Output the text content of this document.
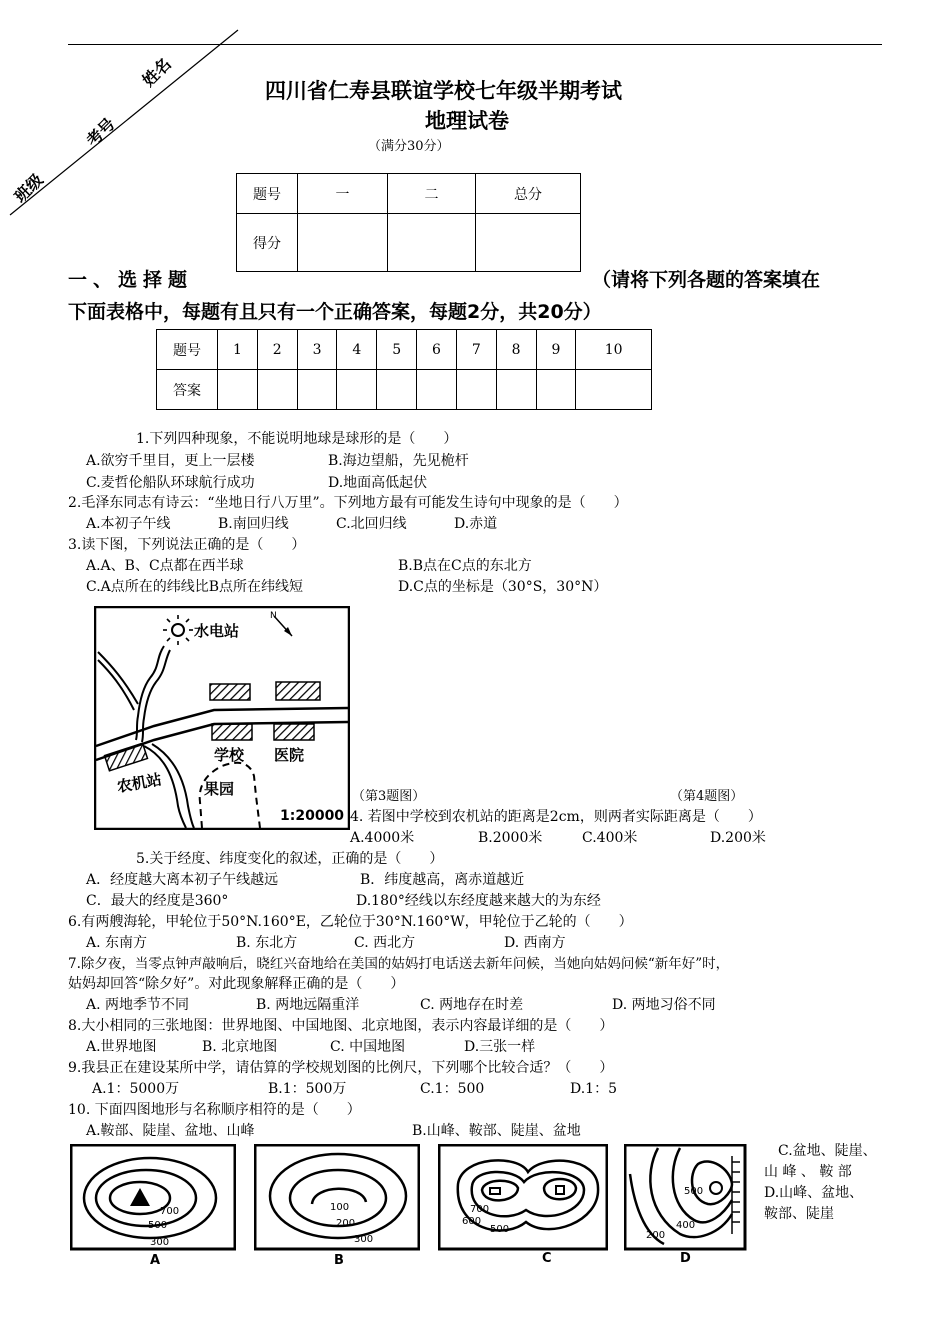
姓名
考号
班级
四川省仁寿县联谊学校七年级半期考试
地理试卷
（满分30分）
题号	一	二	总分
得分			
一、选择题	（请将下列各题的答案填在
下面表格中，每题有且只有一个正确答案，每题2分，共20分）
题号	1	2	3	4	5	6	7	8	9	10
答案										
1.下列四种现象，不能说明地球是球形的是（　　）
A.欲穷千里目，更上一层楼	B.海边望船，先见桅杆
C.麦哲伦船队环球航行成功	D.地面高低起伏
2.毛泽东同志有诗云：“坐地日行八万里”。下列地方最有可能发生诗句中现象的是（　　）
A.本初子午线	B.南回归线	C.北回归线	D.赤道
3.读下图，下列说法正确的是（　　）
A.A、B、C点都在西半球	B.B点在C点的东北方
C.A点所在的纬线比B点所在纬线短	D.C点的坐标是（30°S，30°N）
水电站
N
学校 医院
农机站	果园
1:20000
（第3题图）	（第4题图）
4. 若图中学校到农机站的距离是2cm，则两者实际距离是（　　）
A.4000米	B.2000米	C.400米	D.200米
5.关于经度、纬度变化的叙述，正确的是（　　）
A．经度越大离本初子午线越远	B．纬度越高，离赤道越近
C．最大的经度是360°	D.180°经线以东经度越来越大的为东经
6.有两艘海轮，甲轮位于50°N.160°E，乙轮位于30°N.160°W，甲轮位于乙轮的（　　）
A. 东南方	B. 东北方	C. 西北方	D. 西南方
7.除夕夜，当零点钟声敲响后，晓红兴奋地给在美国的姑妈打电话送去新年问候，当她向姑妈问候“新年好”时，
姑妈却回答“除夕好”。对此现象解释正确的是（　　）
A. 两地季节不同	B. 两地远隔重洋	C. 两地存在时差	D. 两地习俗不同
8.大小相同的三张地图：世界地图、中国地图、北京地图，表示内容最详细的是（　　）
A.世界地图	B. 北京地图	C. 中国地图	D.三张一样
9.我县正在建设某所中学，请估算的学校规划图的比例尺，下列哪个比较合适？（　　）
A.1：5000万	B.1：500万	C.1：500	D.1：5
10. 下面四图地形与名称顺序相符的是（　　）
A.鞍部、陡崖、盆地、山峰	B.山峰、鞍部、陡崖、盆地
C.盆地、陡崖、
山 峰 、 鞍 部
D.山峰、盆地、
鞍部、陡崖
700
500
300
A
100
200
300
B
700
600
500
C
500
400
200
D
